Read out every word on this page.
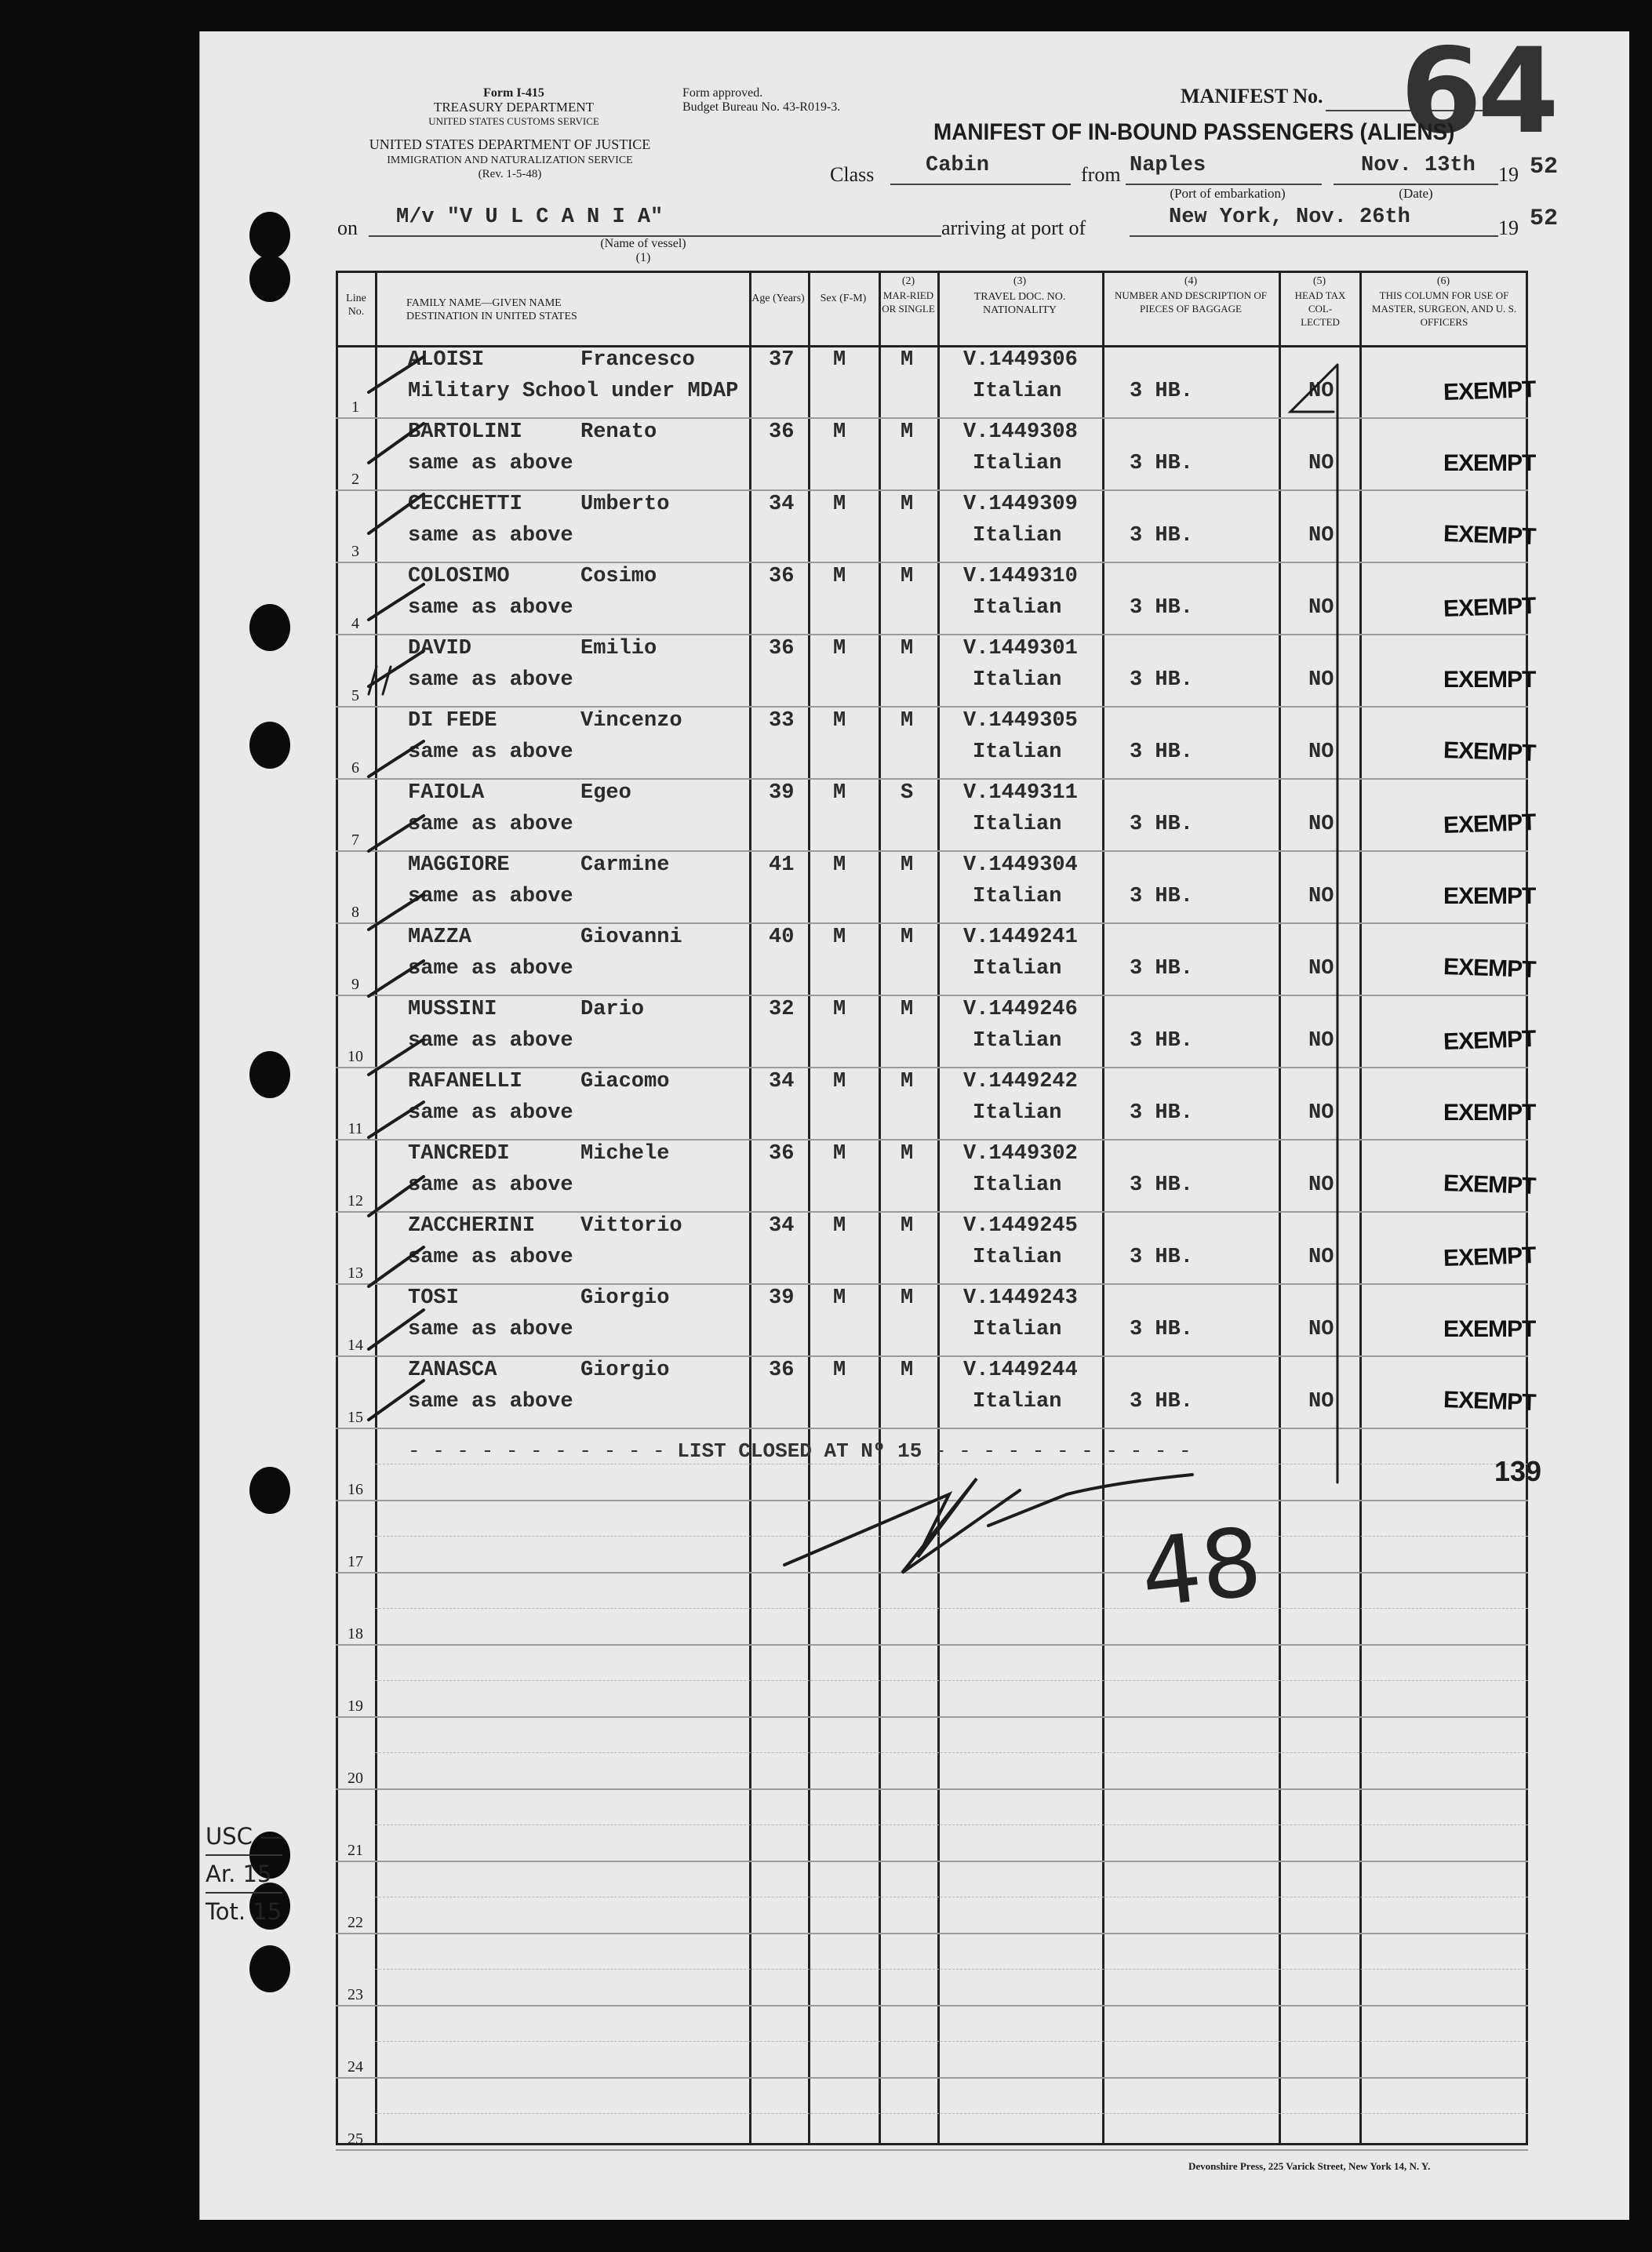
Form I-415
TREASURY DEPARTMENT
UNITED STATES CUSTOMS SERVICE
Form approved.
Budget Bureau No. 43-R019-3.
UNITED STATES DEPARTMENT OF JUSTICE
IMMIGRATION AND NATURALIZATION SERVICE
(Rev. 1-5-48)
MANIFEST No. 64
MANIFEST OF IN-BOUND PASSENGERS (ALIENS)
Class Cabin	from Naples	Nov. 13th 19 52
(Port of embarkation)	(Date)
on M/v "V U L C A N I A"
(Name of vessel)
(1)
arriving at port of	New York, Nov. 26th	19 52
Line No.
FAMILY NAME—GIVEN NAME
DESTINATION IN UNITED STATES
Age (Years)	Sex (F-M)
(2)
MAR-RIED OR SINGLE
(3)
TRAVEL DOC. NO. NATIONALITY
(4)
NUMBER AND DESCRIPTION OF PIECES OF BAGGAGE
(5)
HEAD TAX COL-LECTED
(6)
THIS COLUMN FOR USE OF MASTER, SURGEON, AND U. S. OFFICERS
1
ALOISI	Francesco
Military School under MDAP
37 M	M V.1449306
Italian	3 HB.	NO	EXEMPT
2
BARTOLINI	Renato
same as above
36 M	M V.1449308
Italian	3 HB.	NO	EXEMPT
3
CECCHETTI	Umberto
same as above
34 M	M V.1449309
Italian	3 HB.	NO	EXEMPT
4
COLOSIMO	Cosimo
same as above
36 M	M V.1449310
Italian	3 HB.	NO	EXEMPT
5
DAVID	Emilio
same as above
36 M	M V.1449301
Italian	3 HB.	NO	EXEMPT
6
DI FEDE	Vincenzo
same as above
33 M	M V.1449305
Italian	3 HB.	NO	EXEMPT
7
FAIOLA	Egeo
same as above
39 M	S V.1449311
Italian	3 HB.	NO	EXEMPT
8
MAGGIORE	Carmine
same as above
41 M	M V.1449304
Italian	3 HB.	NO	EXEMPT
9
MAZZA	Giovanni
same as above
40 M	M V.1449241
Italian	3 HB.	NO	EXEMPT
10
MUSSINI	Dario
same as above
32 M	M V.1449246
Italian	3 HB.	NO	EXEMPT
11
RAFANELLI	Giacomo
same as above
34 M	M V.1449242
Italian	3 HB.	NO	EXEMPT
12
TANCREDI	Michele
same as above
36 M	M V.1449302
Italian	3 HB.	NO	EXEMPT
13
ZACCHERINI Vittorio
same as above
34 M	M V.1449245
Italian	3 HB.	NO	EXEMPT
14
TOSI	Giorgio
same as above
39 M	M V.1449243
Italian	3 HB.	NO	EXEMPT
15
ZANASCA	Giorgio
same as above
36 M	M V.1449244
Italian	3 HB.	NO	EXEMPT
16
17
18
19
20
21
22
23
24
25
- - - - - - - - - - - LIST CLOSED AT Nº 15 - - - - - - - - - - -
139
USC —
Ar. 15
Tot. 15
48
Devonshire Press, 225 Varick Street, New York 14, N. Y.
